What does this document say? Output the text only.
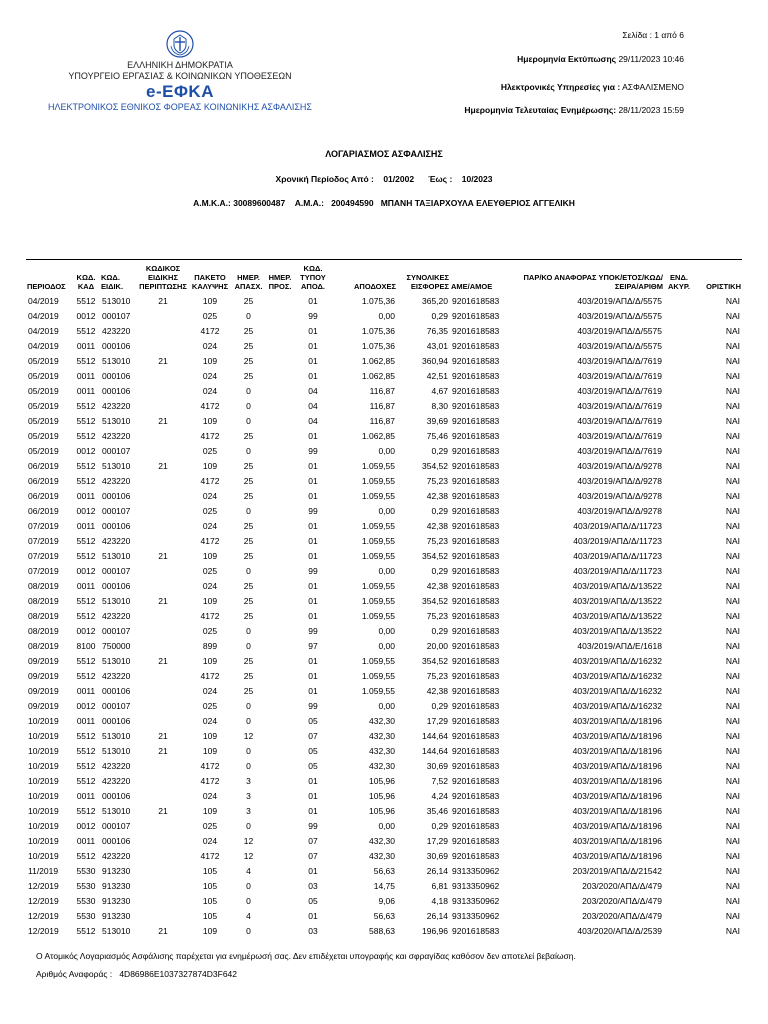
ΕΛΛΗΝΙΚΗ ΔΗΜΟΚΡΑΤΙΑ
ΥΠΟΥΡΓΕΙΟ ΕΡΓΑΣΙΑΣ & ΚΟΙΝΩΝΙΚΩΝ ΥΠΟΘΕΣΕΩΝ
e-ΕΦΚΑ
ΗΛΕΚΤΡΟΝΙΚΟΣ ΕΘΝΙΚΟΣ ΦΟΡΕΑΣ ΚΟΙΝΩΝΙΚΗΣ ΑΣΦΑΛΙΣΗΣ
Σελίδα : 1 από 6
Ημερομηνία Εκτύπωσης 29/11/2023 10:46
Ηλεκτρονικές Υπηρεσίες για : ΑΣΦΑΛΙΣΜΕΝΟ
Ημερομηνία Τελευταίας Ενημέρωσης: 28/11/2023 15:59
ΛΟΓΑΡΙΑΣΜΟΣ ΑΣΦΑΛΙΣΗΣ
Χρονική Περίοδος Από : 01/2002 Έως : 10/2023
Α.Μ.Κ.Α.: 30089600487 Α.Μ.Α.: 200494590 ΜΠΑΝΗ ΤΑΞΙΑΡΧΟΥΛΑ ΕΛΕΥΘΕΡΙΟΣ ΑΓΓΕΛΙΚΗ
ΠΕΡΙΟΔΟΣ	ΚΩΔ. ΚΑΔ	ΚΩΔ. ΕΙΔΙΚ.	ΚΩΔΙΚΟΣ ΕΙΔΙΚΗΣ ΠΕΡΙΠΤΩΣΗΣ	ΠΑΚΕΤΟ ΚΑΛΥΨΗΣ	ΗΜΕΡ. ΑΠΑΣΧ.	ΗΜΕΡ. ΠΡΟΣ.	ΚΩΔ. ΤΥΠΟΥ ΑΠΟΔ.	ΑΠΟΔΟΧΕΣ	ΣΥΝΟΛΙΚΕΣ ΕΙΣΦΟΡΕΣ	ΑΜΕ/ΑΜΟΕ	ΠΑΡ/ΚΟ ΑΝΑΦΟΡΑΣ ΥΠΟΚ/ΕΤΟΣ/ΚΩΔ/ΣΕΙΡΑ/ΑΡΙΘΜ	ΕΝΔ. ΑΚΥΡ.	ΟΡΙΣΤΙΚΗ
04/2019	5512	513010	21	109	25		01	1.075,36	365,20	9201618583	403/2019/ΑΠΔ/Δ/5575		ΝΑΙ
04/2019	0012	000107		025	0		99	0,00	0,29	9201618583	403/2019/ΑΠΔ/Δ/5575		ΝΑΙ
04/2019	5512	423220		4172	25		01	1.075,36	76,35	9201618583	403/2019/ΑΠΔ/Δ/5575		ΝΑΙ
04/2019	0011	000106		024	25		01	1.075,36	43,01	9201618583	403/2019/ΑΠΔ/Δ/5575		ΝΑΙ
05/2019	5512	513010	21	109	25		01	1.062,85	360,94	9201618583	403/2019/ΑΠΔ/Δ/7619		ΝΑΙ
05/2019	0011	000106		024	25		01	1.062,85	42,51	9201618583	403/2019/ΑΠΔ/Δ/7619		ΝΑΙ
05/2019	0011	000106		024	0		04	116,87	4,67	9201618583	403/2019/ΑΠΔ/Δ/7619		ΝΑΙ
05/2019	5512	423220		4172	0		04	116,87	8,30	9201618583	403/2019/ΑΠΔ/Δ/7619		ΝΑΙ
05/2019	5512	513010	21	109	0		04	116,87	39,69	9201618583	403/2019/ΑΠΔ/Δ/7619		ΝΑΙ
05/2019	5512	423220		4172	25		01	1.062,85	75,46	9201618583	403/2019/ΑΠΔ/Δ/7619		ΝΑΙ
05/2019	0012	000107		025	0		99	0,00	0,29	9201618583	403/2019/ΑΠΔ/Δ/7619		ΝΑΙ
06/2019	5512	513010	21	109	25		01	1.059,55	354,52	9201618583	403/2019/ΑΠΔ/Δ/9278		ΝΑΙ
06/2019	5512	423220		4172	25		01	1.059,55	75,23	9201618583	403/2019/ΑΠΔ/Δ/9278		ΝΑΙ
06/2019	0011	000106		024	25		01	1.059,55	42,38	9201618583	403/2019/ΑΠΔ/Δ/9278		ΝΑΙ
06/2019	0012	000107		025	0		99	0,00	0,29	9201618583	403/2019/ΑΠΔ/Δ/9278		ΝΑΙ
07/2019	0011	000106		024	25		01	1.059,55	42,38	9201618583	403/2019/ΑΠΔ/Δ/11723		ΝΑΙ
07/2019	5512	423220		4172	25		01	1.059,55	75,23	9201618583	403/2019/ΑΠΔ/Δ/11723		ΝΑΙ
07/2019	5512	513010	21	109	25		01	1.059,55	354,52	9201618583	403/2019/ΑΠΔ/Δ/11723		ΝΑΙ
07/2019	0012	000107		025	0		99	0,00	0,29	9201618583	403/2019/ΑΠΔ/Δ/11723		ΝΑΙ
08/2019	0011	000106		024	25		01	1.059,55	42,38	9201618583	403/2019/ΑΠΔ/Δ/13522		ΝΑΙ
08/2019	5512	513010	21	109	25		01	1.059,55	354,52	9201618583	403/2019/ΑΠΔ/Δ/13522		ΝΑΙ
08/2019	5512	423220		4172	25		01	1.059,55	75,23	9201618583	403/2019/ΑΠΔ/Δ/13522		ΝΑΙ
08/2019	0012	000107		025	0		99	0,00	0,29	9201618583	403/2019/ΑΠΔ/Δ/13522		ΝΑΙ
08/2019	8100	750000		899	0		97	0,00	20,00	9201618583	403/2019/ΑΠΔ/Ε/1618		ΝΑΙ
09/2019	5512	513010	21	109	25		01	1.059,55	354,52	9201618583	403/2019/ΑΠΔ/Δ/16232		ΝΑΙ
09/2019	5512	423220		4172	25		01	1.059,55	75,23	9201618583	403/2019/ΑΠΔ/Δ/16232		ΝΑΙ
09/2019	0011	000106		024	25		01	1.059,55	42,38	9201618583	403/2019/ΑΠΔ/Δ/16232		ΝΑΙ
09/2019	0012	000107		025	0		99	0,00	0,29	9201618583	403/2019/ΑΠΔ/Δ/16232		ΝΑΙ
10/2019	0011	000106		024	0		05	432,30	17,29	9201618583	403/2019/ΑΠΔ/Δ/18196		ΝΑΙ
10/2019	5512	513010	21	109	12		07	432,30	144,64	9201618583	403/2019/ΑΠΔ/Δ/18196		ΝΑΙ
10/2019	5512	513010	21	109	0		05	432,30	144,64	9201618583	403/2019/ΑΠΔ/Δ/18196		ΝΑΙ
10/2019	5512	423220		4172	0		05	432,30	30,69	9201618583	403/2019/ΑΠΔ/Δ/18196		ΝΑΙ
10/2019	5512	423220		4172	3		01	105,96	7,52	9201618583	403/2019/ΑΠΔ/Δ/18196		ΝΑΙ
10/2019	0011	000106		024	3		01	105,96	4,24	9201618583	403/2019/ΑΠΔ/Δ/18196		ΝΑΙ
10/2019	5512	513010	21	109	3		01	105,96	35,46	9201618583	403/2019/ΑΠΔ/Δ/18196		ΝΑΙ
10/2019	0012	000107		025	0		99	0,00	0,29	9201618583	403/2019/ΑΠΔ/Δ/18196		ΝΑΙ
10/2019	0011	000106		024	12		07	432,30	17,29	9201618583	403/2019/ΑΠΔ/Δ/18196		ΝΑΙ
10/2019	5512	423220		4172	12		07	432,30	30,69	9201618583	403/2019/ΑΠΔ/Δ/18196		ΝΑΙ
11/2019	5530	913230		105	4		01	56,63	26,14	9313350962	203/2019/ΑΠΔ/Δ/21542		ΝΑΙ
12/2019	5530	913230		105	0		03	14,75	6,81	9313350962	203/2020/ΑΠΔ/Δ/479		ΝΑΙ
12/2019	5530	913230		105	0		05	9,06	4,18	9313350962	203/2020/ΑΠΔ/Δ/479		ΝΑΙ
12/2019	5530	913230		105	4		01	56,63	26,14	9313350962	203/2020/ΑΠΔ/Δ/479		ΝΑΙ
12/2019	5512	513010	21	109	0		03	588,63	196,96	9201618583	403/2020/ΑΠΔ/Δ/2539		ΝΑΙ
Ο Ατομικός Λογαριασμός Ασφάλισης παρέχεται για ενημέρωσή σας. Δεν επιδέχεται υπογραφής και σφραγίδας καθόσον δεν αποτελεί βεβαίωση.
Αριθμός Αναφοράς : 4D86986E1037327874D3F642
